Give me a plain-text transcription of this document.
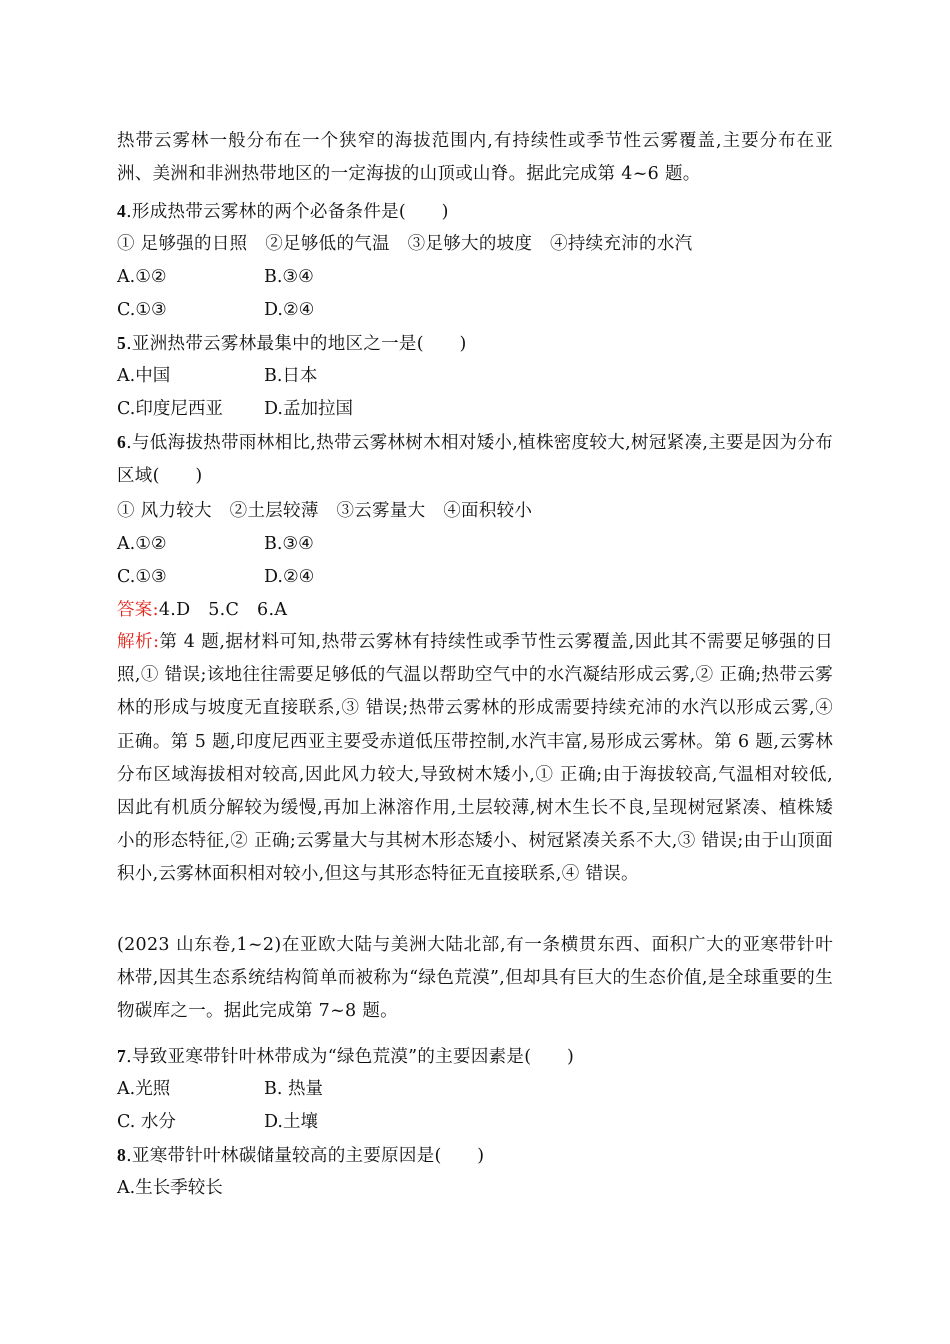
热带云雾林一般分布在一个狭窄的海拔范围内,有持续性或季节性云雾覆盖,主要分布在亚洲、美洲和非洲热带地区的一定海拔的山顶或山脊。据此完成第 4~6 题。

4.形成热带云雾林的两个必备条件是(　　)
① 足够强的日照　②足够低的气温　③足够大的坡度　④持续充沛的水汽
A.①②	B.③④
C.①③	D.②④
5.亚洲热带云雾林最集中的地区之一是(　　)
A.中国	B.日本
C.印度尼西亚 D.孟加拉国

6.与低海拔热带雨林相比,热带云雾林树木相对矮小,植株密度较大,树冠紧凑,主要是因为分布区域(　　)

① 风力较大　②土层较薄　③云雾量大　④面积较小
A.①②	B.③④
C.①③	D.②④
答案:4.D　5.C　6.A

解析:第 4 题,据材料可知,热带云雾林有持续性或季节性云雾覆盖,因此其不需要足够强的日照,① 错误;该地往往需要足够低的气温以帮助空气中的水汽凝结形成云雾,② 正确;热带云雾林的形成与坡度无直接联系,③ 错误;热带云雾林的形成需要持续充沛的水汽以形成云雾,④ 正确。第 5 题,印度尼西亚主要受赤道低压带控制,水汽丰富,易形成云雾林。第 6 题,云雾林分布区域海拔相对较高,因此风力较大,导致树木矮小,① 正确;由于海拔较高,气温相对较低,因此有机质分解较为缓慢,再加上淋溶作用,土层较薄,树木生长不良,呈现树冠紧凑、植株矮小的形态特征,② 正确;云雾量大与其树木形态矮小、树冠紧凑关系不大,③ 错误;由于山顶面积小,云雾林面积相对较小,但这与其形态特征无直接联系,④ 错误。

(2023 山东卷,1~2)在亚欧大陆与美洲大陆北部,有一条横贯东西、面积广大的亚寒带针叶林带,因其生态系统结构简单而被称为“绿色荒漠”,但却具有巨大的生态价值,是全球重要的生物碳库之一。据此完成第 7~8 题。

7.导致亚寒带针叶林带成为“绿色荒漠”的主要因素是(　　)
A.光照	B. 热量
C. 水分	D.土壤
8.亚寒带针叶林碳储量较高的主要原因是(　　)
A.生长季较长
